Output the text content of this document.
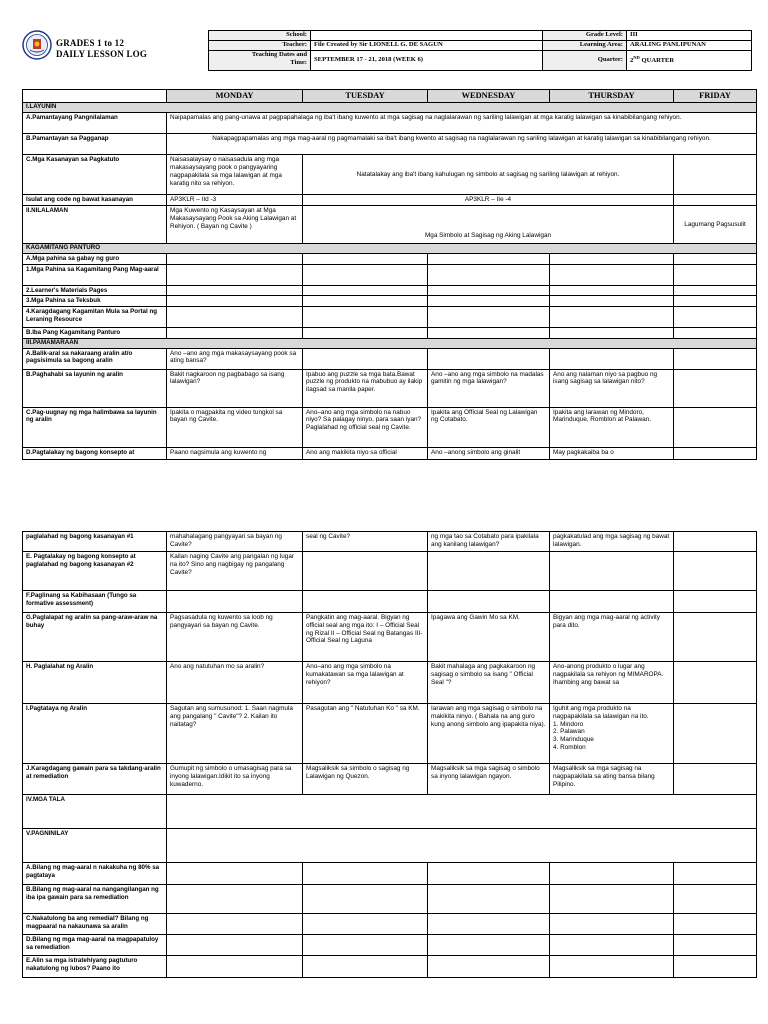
GRADES 1 to 12
DAILY LESSON LOG
School:		Grade Level:	III
Teacher:	File Created by Sir LIONELL G. DE SAGUN	Learning Area:	ARALING PANLIPUNAN

Teaching Dates and
Time:	SEPTEMBER 17 - 21, 2018 (WEEK 6)	Quarter:	2ND QUARTER
	MONDAY	TUESDAY	WEDNESDAY	THURSDAY	FRIDAY
I.LAYUNIN					
A.Pamantayang Pangnilalaman	Naipapamalas ang pang-unawa at pagpapahalaga ng iba't ibang kuwento at mga sagisag na naglalarawan ng sariling lalawigan at mga karatig lalawigan sa kinabibilangang rehiyon.				
B.Pamantayan sa Pagganap	Nakapagpapamalas ang mga mag-aaral ng pagmamalaki sa iba't ibang kwento at sagisag na naglalarawan ng sariling lalawigan at karatig lalawigan sa kinabibilangang rehiyon.				
C.Mga Kasanayan sa Pagkatuto	Naisasalaysay o naisasadula ang mga makasaysayang pook o pangyayaring nagpapakilala sa mga lalawigan at mga karatig nito sa rehiyon.	Natatalakay ang iba't ibang kahulugan ng simbolo at sagisag ng sariling lalawigan at rehiyon.			
Isulat ang code ng bawat kasanayan	AP3KLR – IId -3	AP3KLR – IIe -4			
II.NILALAMAN	Mga Kuwento ng Kasaysayan at Mga Makasaysayang Pook sa Aking Lalawigan at Rehiyon. ( Bayan ng Cavite )	Mga Simbolo at Sagisag ng Aking Lalawigan			Lagumang Pagsusulit
KAGAMITANG PANTURO					
A.Mga pahina sa gabay ng guro					
1.Mga Pahina sa Kagamitang Pang Mag-aaral					
2.Learner's Materials Pages					
3.Mga Pahina sa Teksbuk					
4.Karagdagang Kagamitan Mula sa Portal ng Leraning Resource					
B.Iba Pang Kagamitang Panturo					
III.PAMAMARAAN					
A.Balik-aral sa nakaraang aralin at/o pagsisimula sa bagong aralin	Ano –ano ang mga makasaysayang pook sa ating bansa?				
B.Paghahabi sa layunin ng aralin	Bakit nagkaroon ng pagbabago sa isang lalawigan?	Ipabuo ang puzzle sa mga bata.Bawat puzzle ng produkto na mabubuo ay ilakip itagsad sa manila paper.	Ano –ano ang mga simbolo na madalas gamitin ng mga lalawigan?	Ano ang nalaman niyo sa pagbuo ng isang sagisag sa lalawigan nito?	
C.Pag-uugnay ng mga halimbawa sa layunin ng aralin	Ipakita o magpakita ng video tungkol sa bayan ng Cavite.	Ano–ano ang mga simbolo na nabuo niyo? Sa palagay ninyo, para saan iyan? Paglalahad ng official seal ng Cavite.	Ipakita ang Official Seal ng Lalawigan ng Cotabato.	Ipakita ang larawan ng Mindoro, Marinduque, Romblon at Palawan.	
D.Pagtalakay ng bagong konsepto at	Paano nagsimula ang kuwento ng	Ano ang makikita niyo sa official	Ano –anong simbolo ang ginalit	May pagkakaiba ba o	
paglalahad ng bagong kasanayan #1	mahahalagang pangyayari sa bayan ng Cavite?	seal ng Cavite?	ng mga tao sa Cotabato para ipakilala ang kanilang lalawigan?	pagkakatulad ang mga sagisag ng bawat lalawigan.	
E. Pagtalakay ng bagong konsepto at paglalahad ng bagong kasanayan #2	Kailan naging Cavite ang pangalan ng lugar na ito? Sino ang nagbigay ng pangalang Cavite?				
F.Paglinang sa Kabihasaan (Tungo sa formative assessment)					
G.Paglalapat ng aralin sa pang-araw-araw na buhay	Pagsasadula ng kuwento sa loob ng pangyayari sa bayan ng Cavite.	Pangkatin ang mag-aaral. Bigyan ng official seal ang mga ito: I – Official Seal ng Rizal II – Official Seal ng Batangas III- Official Seal ng Laguna	Ipagawa ang Gawin Mo sa KM.	Bigyan ang mga mag-aaral ng activity para dito.	
H. Paglalahat ng Aralin	Ano ang natutuhan mo sa aralin?	Ano–ano ang mga simbolo na kumakatawan sa mga lalawigan at rehiyon?	Bakit mahalaga ang pagkakaroon ng sagisag o simbolo sa isang " Official Seal "?	Ano-anong produkto o lugar ang nagpakilala sa rehiyon ng MIMAROPA. Ihambing ang bawat sa	
I.Pagtataya ng Aralin	Sagutan ang sumusunod: 1. Saan nagmula ang pangalang " Cavite"? 2. Kailan ito naitatag?	Pasagutan ang " Natutuhan Ko " sa KM.	Iarawan ang mga sagisag o simbolo na makikita ninyo. ( Bahala na ang guro kung anong simbolo ang ipapakita niya).	Iguhit ang mga produkto na nagpapakilala sa lalawigan na ito.
1. Mindoro
2. Palawan
3. Marinduque
4. Romblon	

J.Karagdagang gawain para sa takdang-aralin at remediation	Gumupit ng simbolo o umasagisag para sa inyong lalawigan.Idikit ito sa inyong kuwaderno.	Magsaliksik sa simbolo o sagisag ng Lalawigan ng Quezon.	Magsaliksik sa mga sagisag o simbolo sa inyong lalawigan ngayon.	Magsaliksik sa mga sagisag na nagpapakilala sa ating bansa bilang Pilipino.	
IV.MGA TALA					
V.PAGNINILAY					
A.Bilang ng mag-aaral n nakakuha ng 80% sa pagtataya					
B.Bilang ng mag-aaral na nangangilangan ng iba ipa gawain para sa remediation					
C.Nakatulong ba ang remedial? Bilang ng magpaaral na nakaunawa sa aralin					
D.Bilang ng mga mag-aaral na magpapatuloy sa remediation					
E.Alin sa mga istratehiyang pagtuturo nakatulong ng lubos? Paano ito					
